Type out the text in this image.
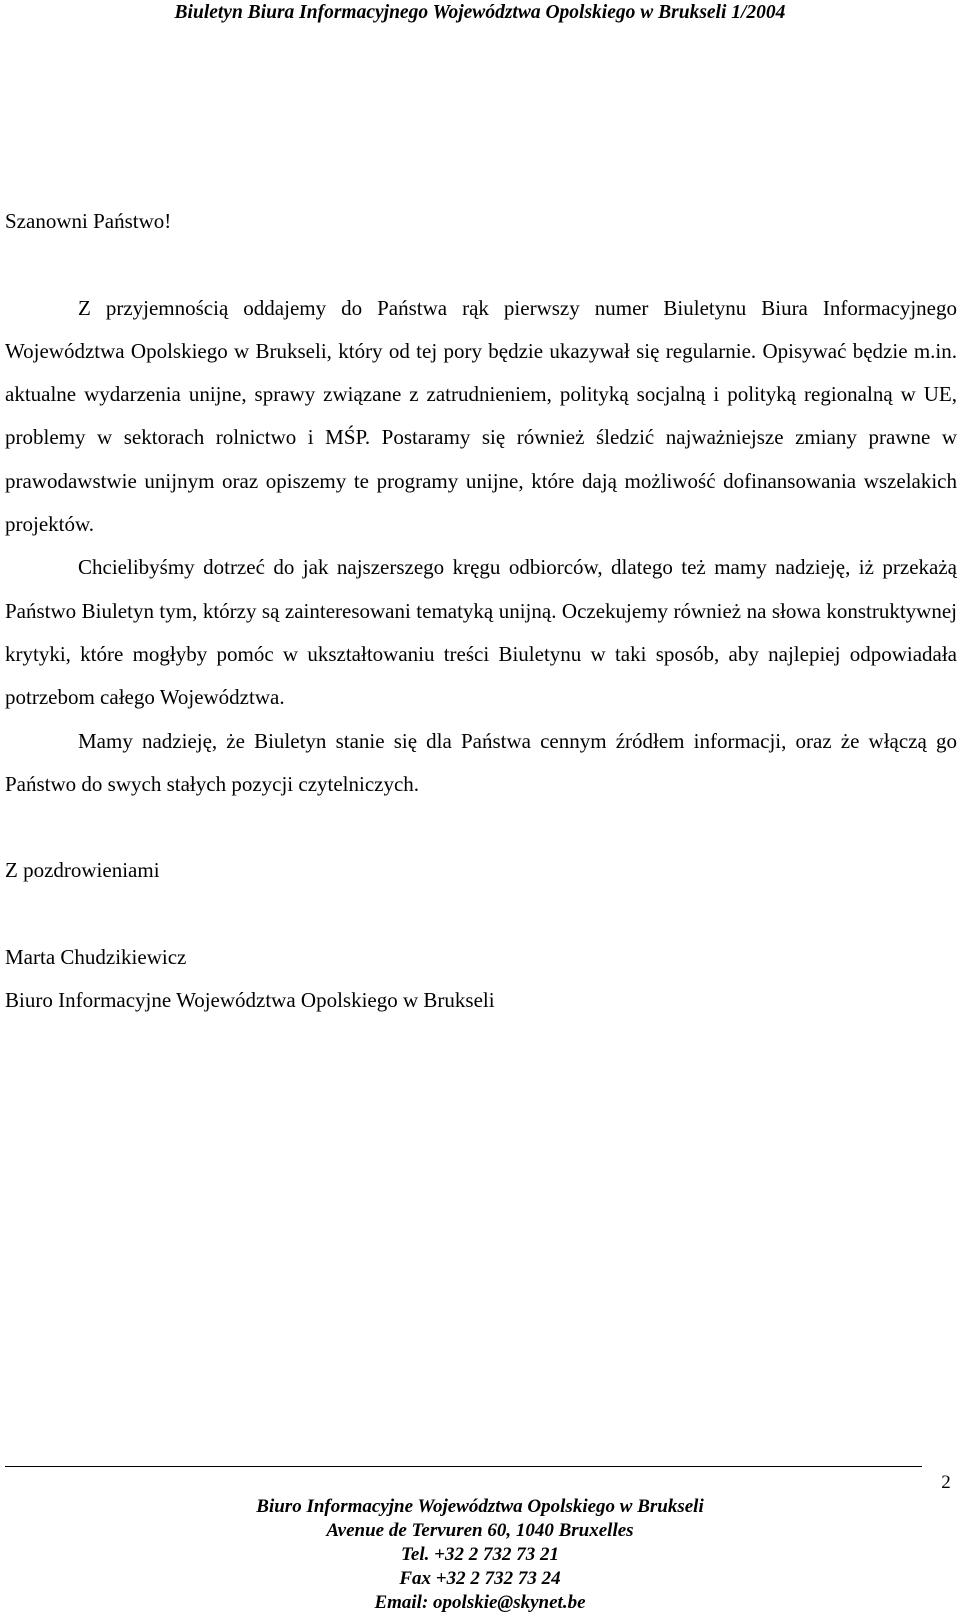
Biuletyn Biura Informacyjnego Województwa Opolskiego w Brukseli 1/2004

Szanowni Państwo!

Z przyjemnością oddajemy do Państwa rąk pierwszy numer Biuletynu Biura Informacyjnego Województwa Opolskiego w Brukseli, który od tej pory będzie ukazywał się regularnie. Opisywać będzie m.in. aktualne wydarzenia unijne, sprawy związane z zatrudnieniem, polityką socjalną i polityką regionalną w UE, problemy w sektorach rolnictwo i MŚP. Postaramy się również śledzić najważniejsze zmiany prawne w prawodawstwie unijnym oraz opiszemy te programy unijne, które dają możliwość dofinansowania wszelakich projektów.

Chcielibyśmy dotrzeć do jak najszerszego kręgu odbiorców, dlatego też mamy nadzieję, iż przekażą Państwo Biuletyn tym, którzy są zainteresowani tematyką unijną. Oczekujemy również na słowa konstruktywnej krytyki, które mogłyby pomóc w ukształtowaniu treści Biuletynu w taki sposób, aby najlepiej odpowiadała potrzebom całego Województwa.

Mamy nadzieję, że Biuletyn stanie się dla Państwa cennym źródłem informacji, oraz że włączą go Państwo do swych stałych pozycji czytelniczych.

Z pozdrowieniami

Marta Chudzikiewicz

Biuro Informacyjne Województwa Opolskiego w Brukseli

2
Biuro Informacyjne Województwa Opolskiego w Brukseli
Avenue de Tervuren 60, 1040 Bruxelles
Tel. +32 2 732 73 21
Fax +32 2 732 73 24
Email: opolskie@skynet.be
